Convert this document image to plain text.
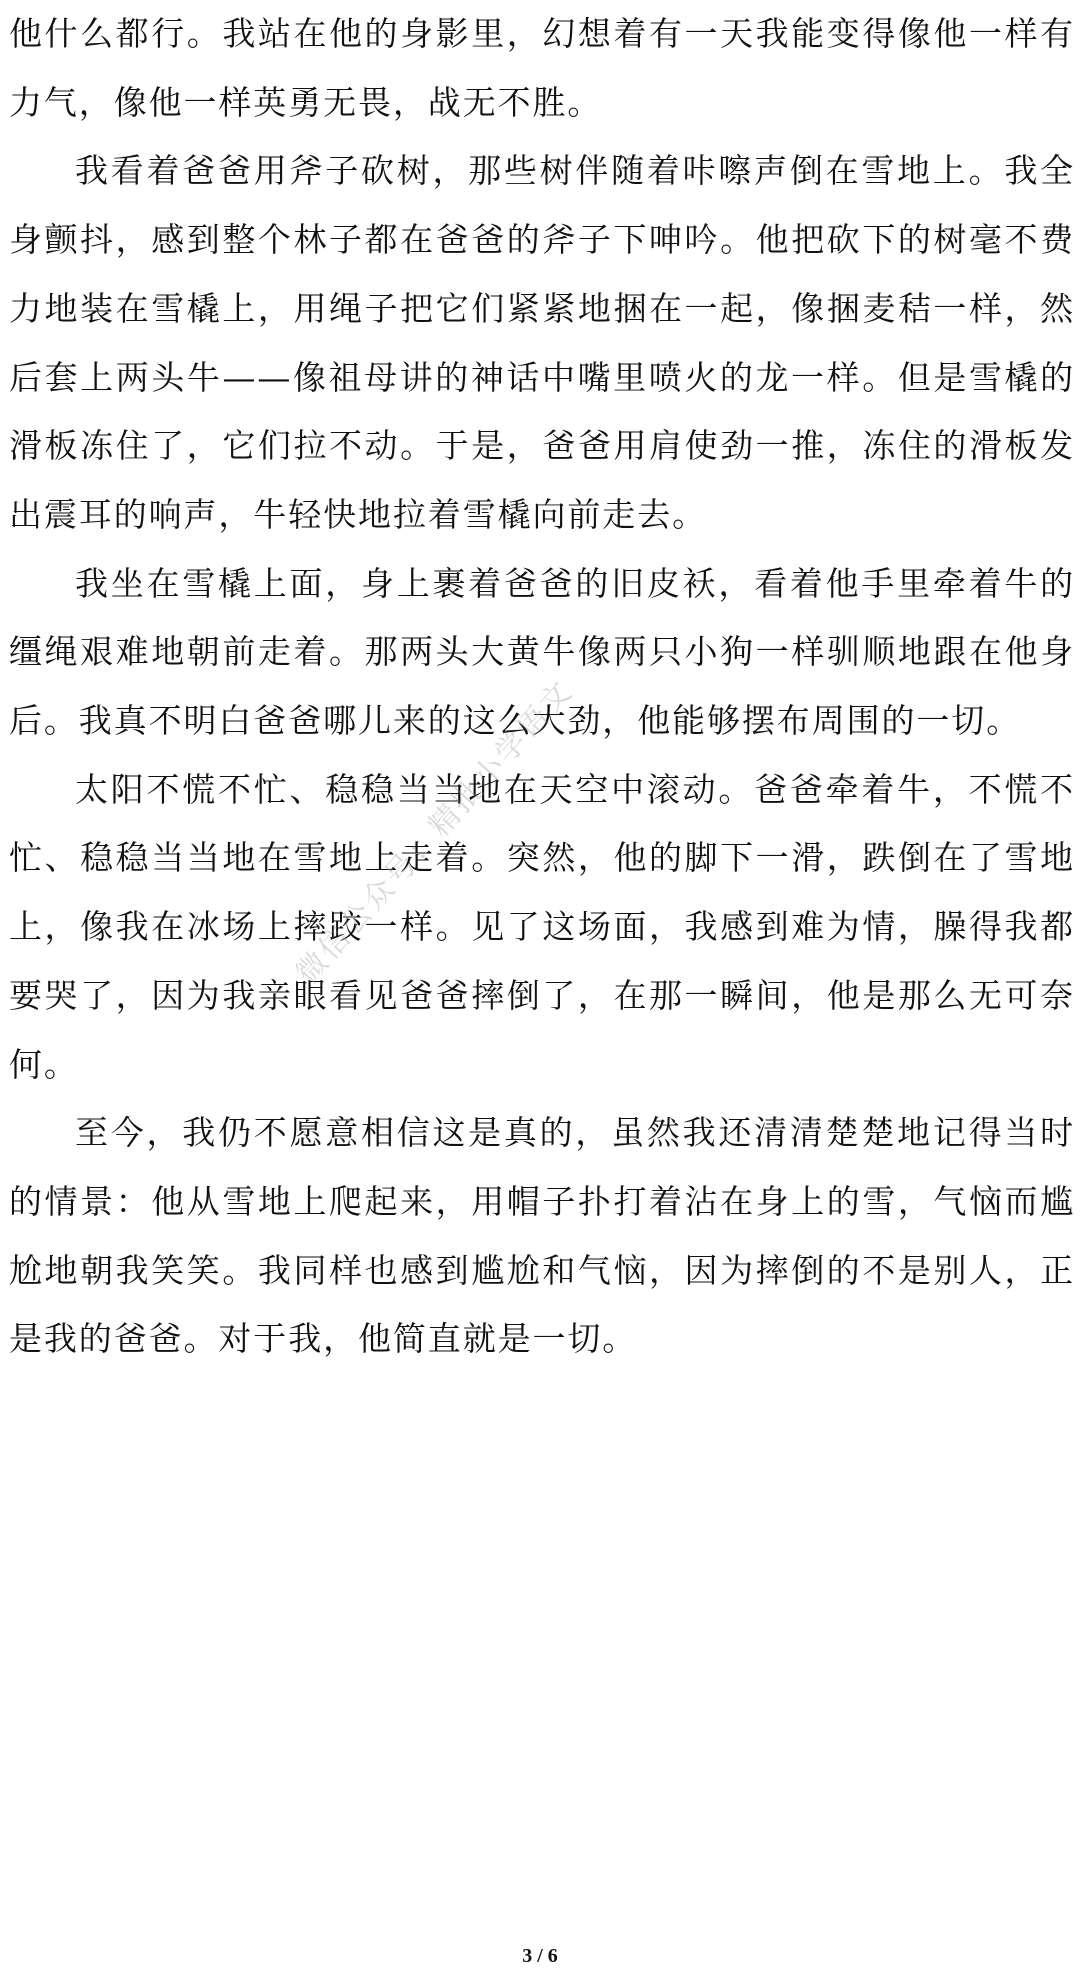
他什么都行。我站在他的身影里，幻想着有一天我能变得像他一样有力气，像他一样英勇无畏，战无不胜。

我看着爸爸用斧子砍树，那些树伴随着咔嚓声倒在雪地上。我全身颤抖，感到整个林子都在爸爸的斧子下呻吟。他把砍下的树毫不费力地装在雪橇上，用绳子把它们紧紧地捆在一起，像捆麦秸一样，然后套上两头牛——像祖母讲的神话中嘴里喷火的龙一样。但是雪橇的滑板冻住了，它们拉不动。于是，爸爸用肩使劲一推，冻住的滑板发出震耳的响声，牛轻快地拉着雪橇向前走去。

我坐在雪橇上面，身上裹着爸爸的旧皮袄，看着他手里牵着牛的缰绳艰难地朝前走着。那两头大黄牛像两只小狗一样驯顺地跟在他身后。我真不明白爸爸哪儿来的这么大劲，他能够摆布周围的一切。

太阳不慌不忙、稳稳当当地在天空中滚动。爸爸牵着牛，不慌不忙、稳稳当当地在雪地上走着。突然，他的脚下一滑，跌倒在了雪地上，像我在冰场上摔跤一样。见了这场面，我感到难为情，臊得我都要哭了，因为我亲眼看见爸爸摔倒了，在那一瞬间，他是那么无可奈何。

至今，我仍不愿意相信这是真的，虽然我还清清楚楚地记得当时的情景：他从雪地上爬起来，用帽子扑打着沾在身上的雪，气恼而尴尬地朝我笑笑。我同样也感到尴尬和气恼，因为摔倒的不是别人，正是我的爸爸。对于我，他简直就是一切。

微信公众号：精批小学语文
3 / 6
